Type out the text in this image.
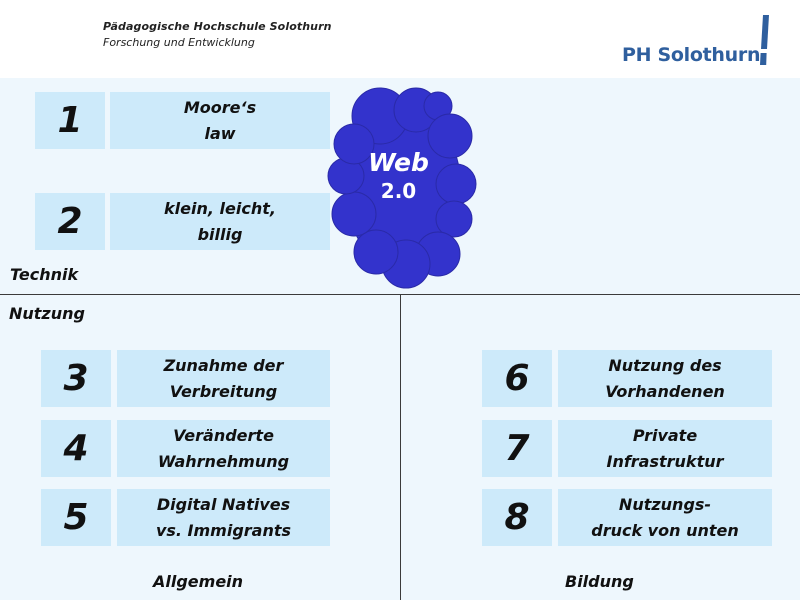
Pädagogische Hochschule Solothurn
Forschung und Entwicklung
PH Solothurn
1	Moore‘s
law
2	klein, leicht,
billig
Technik
Nutzung
Web
2.0
3	Zunahme der
Verbreitung
4	Veränderte
Wahrnehmung
5	Digital Natives
vs. Immigrants
Allgemein
6	Nutzung des
Vorhandenen
7	Private
Infrastruktur
8	Nutzungs-
druck von unten
Bildung
